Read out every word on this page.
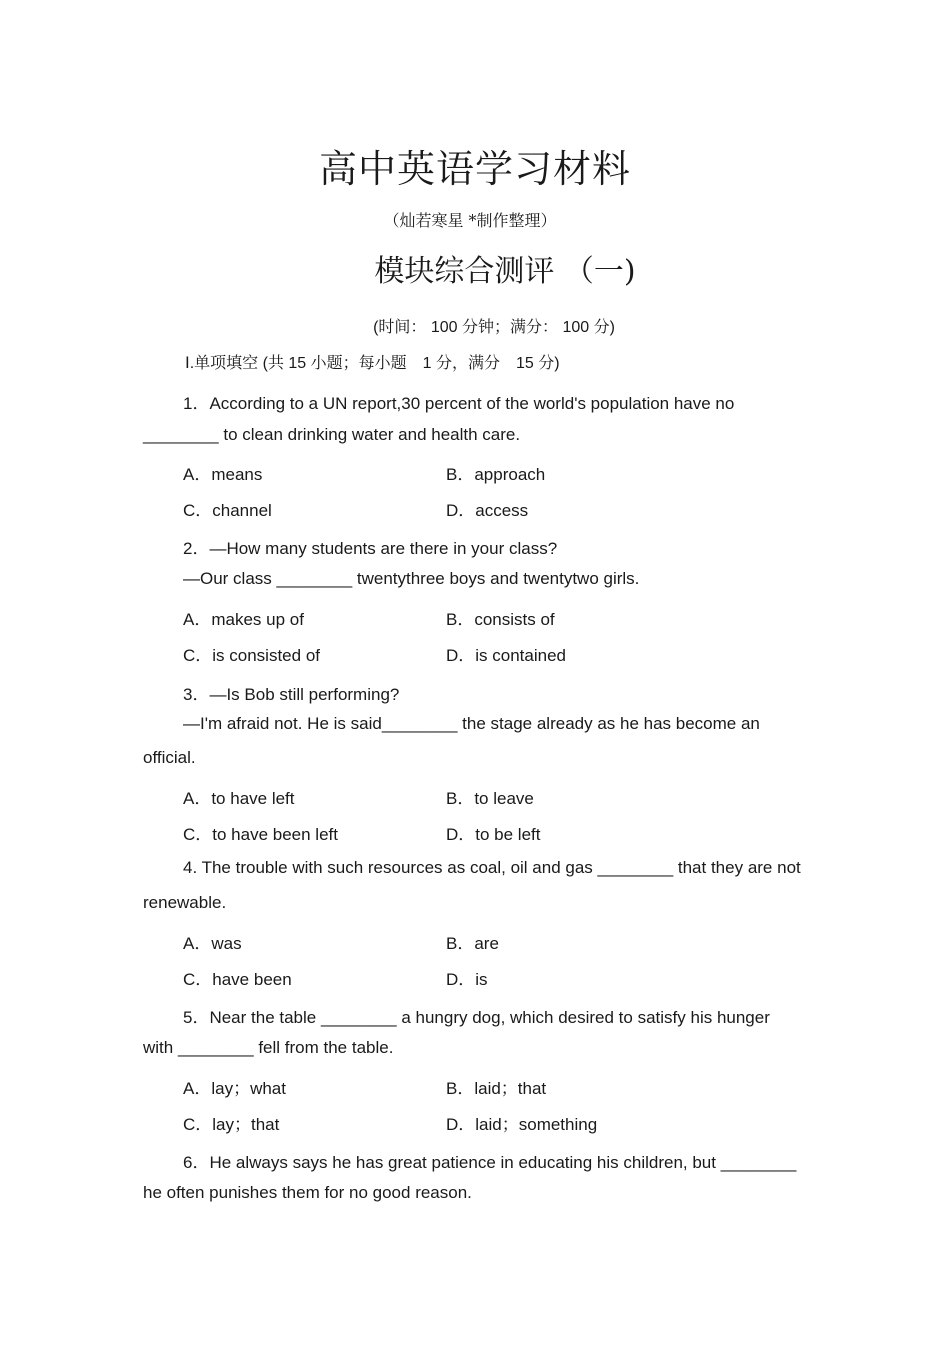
高中英语学习材料
（灿若寒星 *制作整理）
模块综合测评 （一)
(时间： 100 分钟；满分： 100 分)
Ⅰ.单项填空 (共 15 小题；每小题　1 分，满分　15 分)
1．According to a UN report,30 percent of the world's population have no
________ to clean drinking water and health care.
A．means	B．approach
C．channel	D．access
2．—How many students are there in your class?
—Our class ________ twentythree boys and twentytwo girls.
A．makes up of	B．consists of
C．is consisted of	D．is contained
3．—Is Bob still performing?
—I'm afraid not. He is said________ the stage already as he has become an
official.
A．to have left	B．to leave
C．to have been left	D．to be left
4. The trouble with such resources as coal, oil and gas ________ that they are not
renewable.
A．was	B．are
C．have been	D．is
5．Near the table ________ a hungry dog, which desired to satisfy his hunger
with ________ fell from the table.
A．lay；what	B．laid；that
C．lay；that	D．laid；something
6．He always says he has great patience in educating his children, but ________
he often punishes them for no good reason.
